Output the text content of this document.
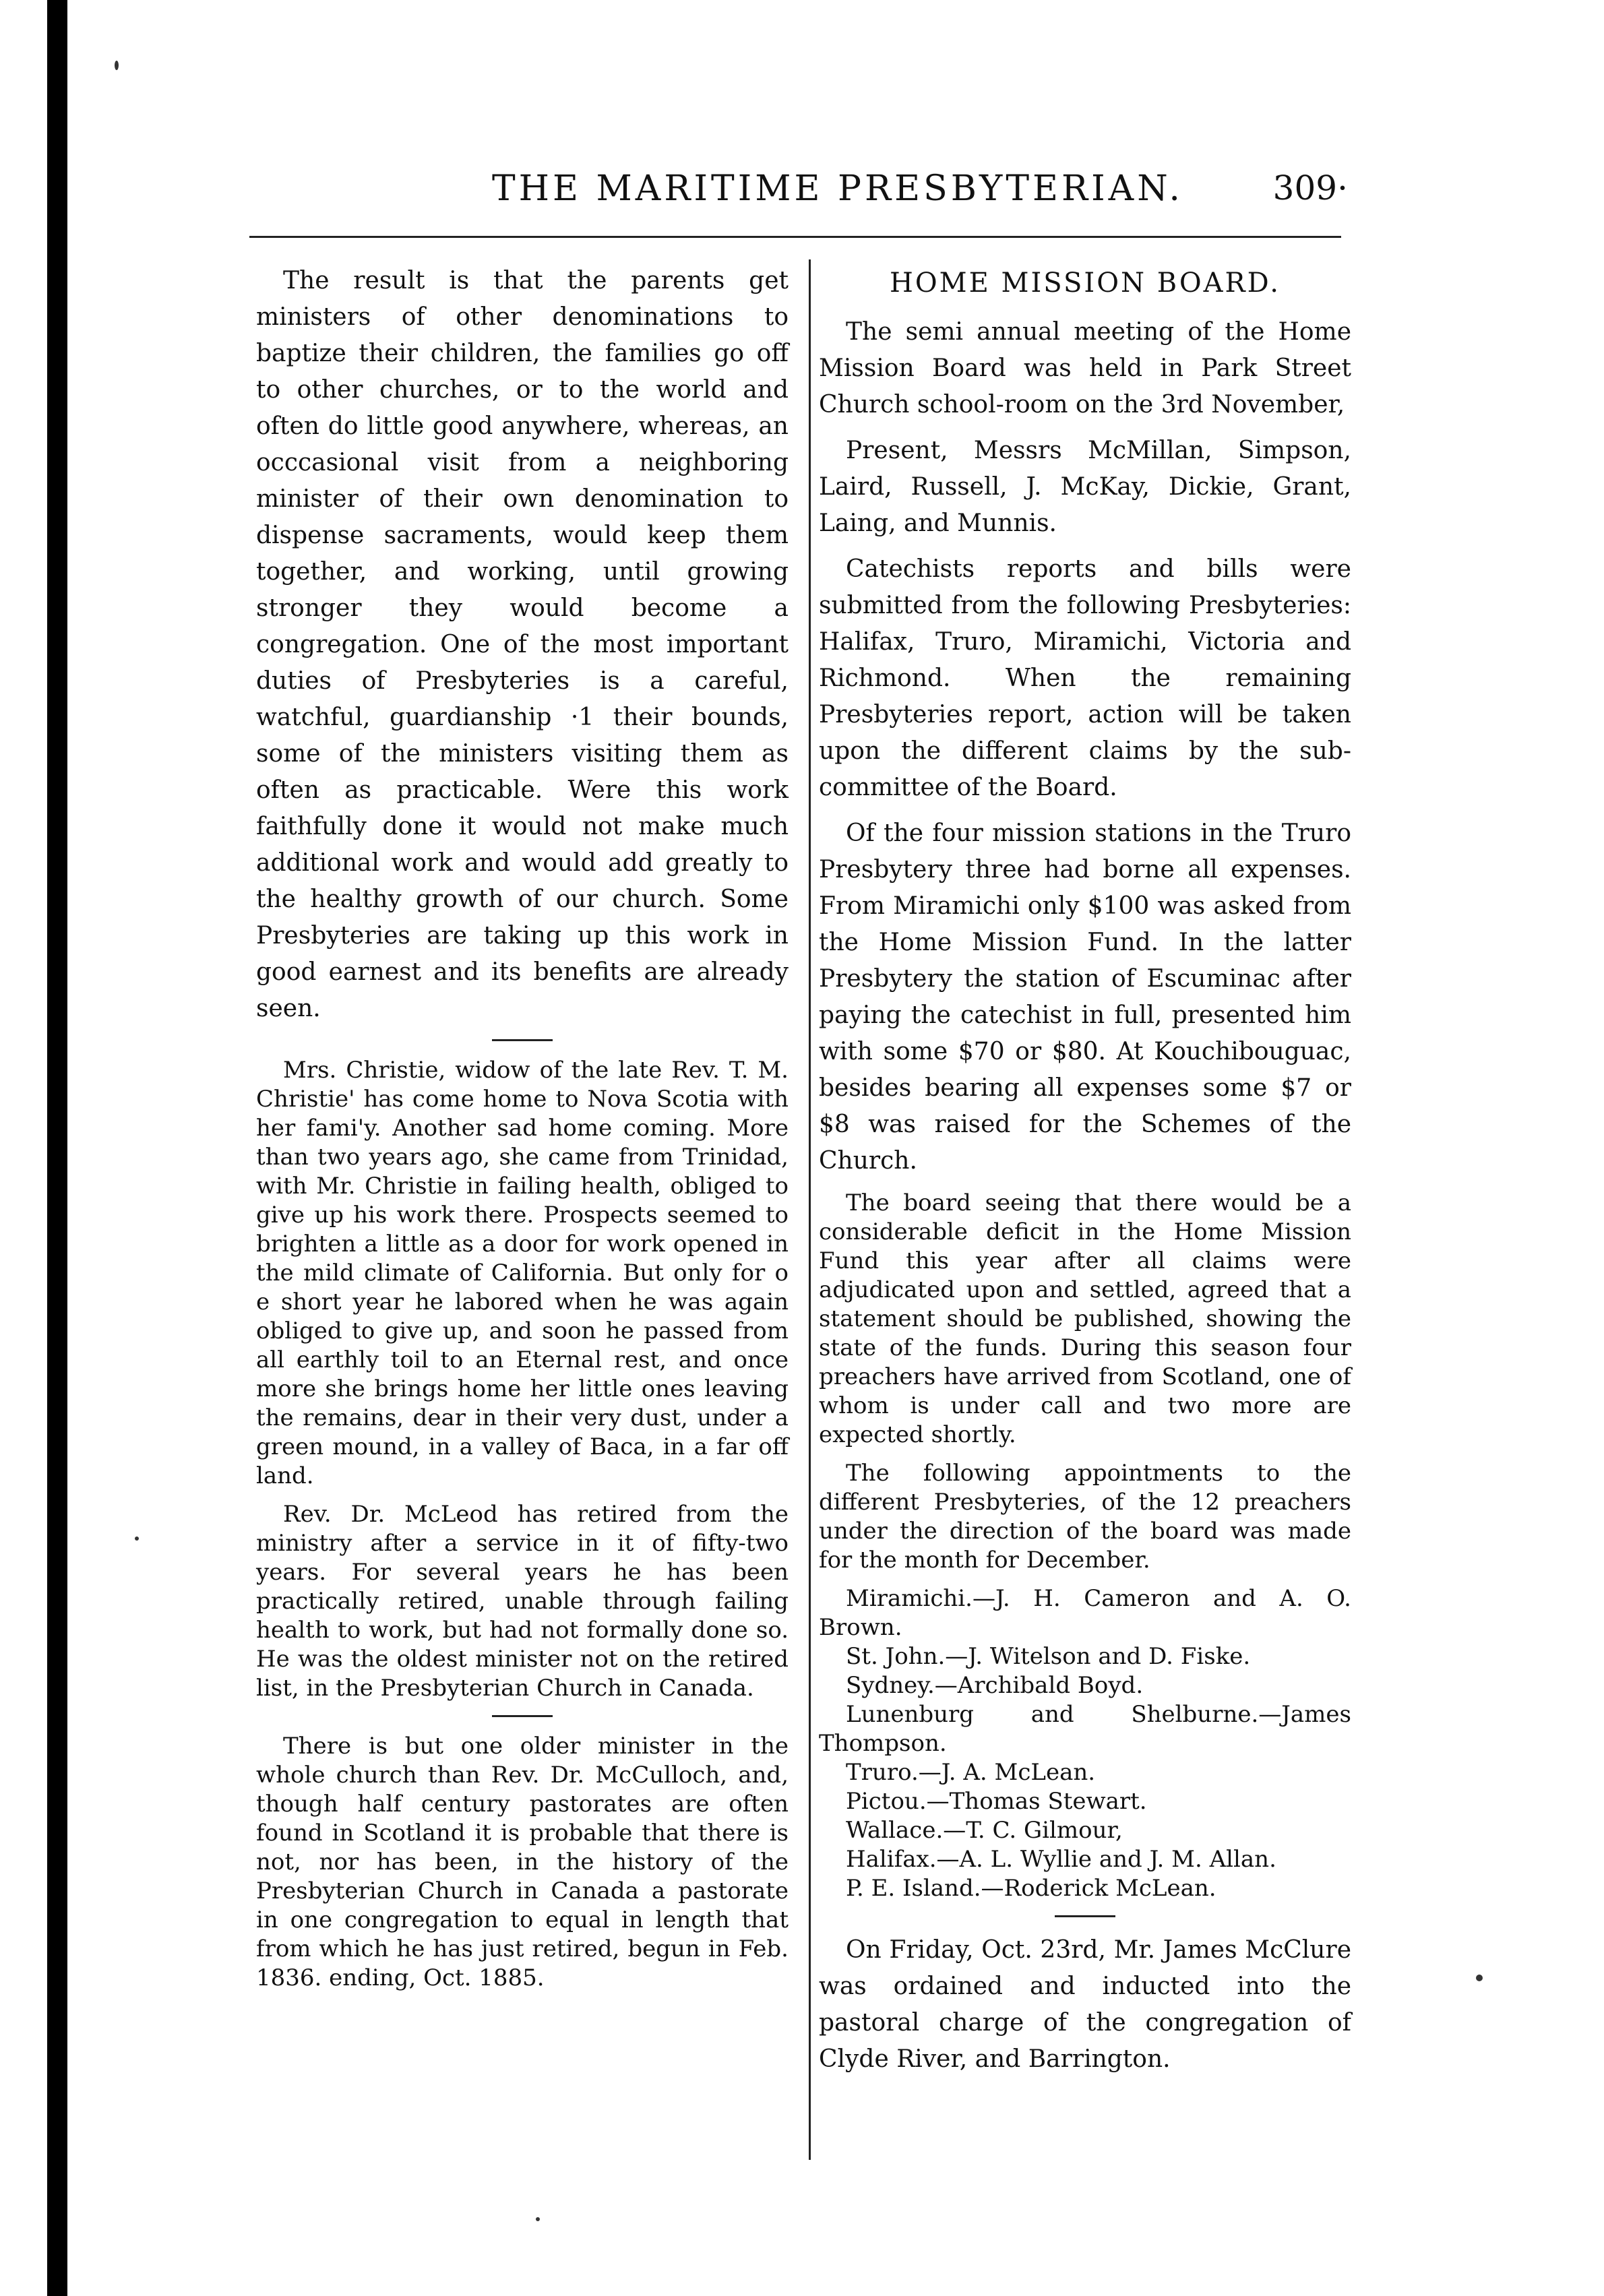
THE MARITIME PRESBYTERIAN.	309·

The result is that the parents get ministers of other denominations to baptize their children, the families go off to other churches, or to the world and often do little good anywhere, whereas, an occcasional visit from a neighboring minister of their own denomination to dispense sacraments, would keep them together, and working, until growing stronger they would become a congregation. One of the most important duties of Presbyteries is a careful, watchful, guardianship ·1 their bounds, some of the ministers visiting them as often as practicable. Were this work faithfully done it would not make much additional work and would add greatly to the healthy growth of our church. Some Presbyteries are taking up this work in good earnest and its benefits are already seen.

Mrs. Christie, widow of the late Rev. T. M. Christie' has come home to Nova Scotia with her fami'y. Another sad home coming. More than two years ago, she came from Trinidad, with Mr. Christie in failing health, obliged to give up his work there. Prospects seemed to brighten a little as a door for work opened in the mild climate of California. But only for o e short year he labored when he was again obliged to give up, and soon he passed from all earthly toil to an Eternal rest, and once more she brings home her little ones leaving the remains, dear in their very dust, under a green mound, in a valley of Baca, in a far off land.

Rev. Dr. McLeod has retired from the ministry after a service in it of fifty-two years. For several years he has been practically retired, unable through failing health to work, but had not formally done so. He was the oldest minister not on the retired list, in the Presbyterian Church in Canada.

There is but one older minister in the whole church than Rev. Dr. McCulloch, and, though half century pastorates are often found in Scotland it is probable that there is not, nor has been, in the history of the Presbyterian Church in Canada a pastorate in one congregation to equal in length that from which he has just retired, begun in Feb. 1836. ending, Oct. 1885.

HOME MISSION BOARD.

The semi annual meeting of the Home Mission Board was held in Park Street Church school-room on the 3rd November,

Present, Messrs McMillan, Simpson, Laird, Russell, J. McKay, Dickie, Grant, Laing, and Munnis.

Catechists reports and bills were submitted from the following Presbyteries: Halifax, Truro, Miramichi, Victoria and Richmond. When the remaining Presbyteries report, action will be taken upon the different claims by the sub-committee of the Board.

Of the four mission stations in the Truro Presbytery three had borne all expenses. From Miramichi only $100 was asked from the Home Mission Fund. In the latter Presbytery the station of Escuminac after paying the catechist in full, presented him with some $70 or $80. At Kouchibouguac, besides bearing all expenses some $7 or $8 was raised for the Schemes of the Church.

The board seeing that there would be a considerable deficit in the Home Mission Fund this year after all claims were adjudicated upon and settled, agreed that a statement should be published, showing the state of the funds. During this season four preachers have arrived from Scotland, one of whom is under call and two more are expected shortly.

The following appointments to the different Presbyteries, of the 12 preachers under the direction of the board was made for the month for December.

Miramichi.—J. H. Cameron and A. O. Brown.

St. John.—J. Witelson and D. Fiske.

Sydney.—Archibald Boyd.

Lunenburg and Shelburne.—James Thompson.

Truro.—J. A. McLean.

Pictou.—Thomas Stewart.

Wallace.—T. C. Gilmour,

Halifax.—A. L. Wyllie and J. M. Allan.

P. E. Island.—Roderick McLean.

On Friday, Oct. 23rd, Mr. James McClure was ordained and inducted into the pastoral charge of the congregation of Clyde River, and Barrington.
